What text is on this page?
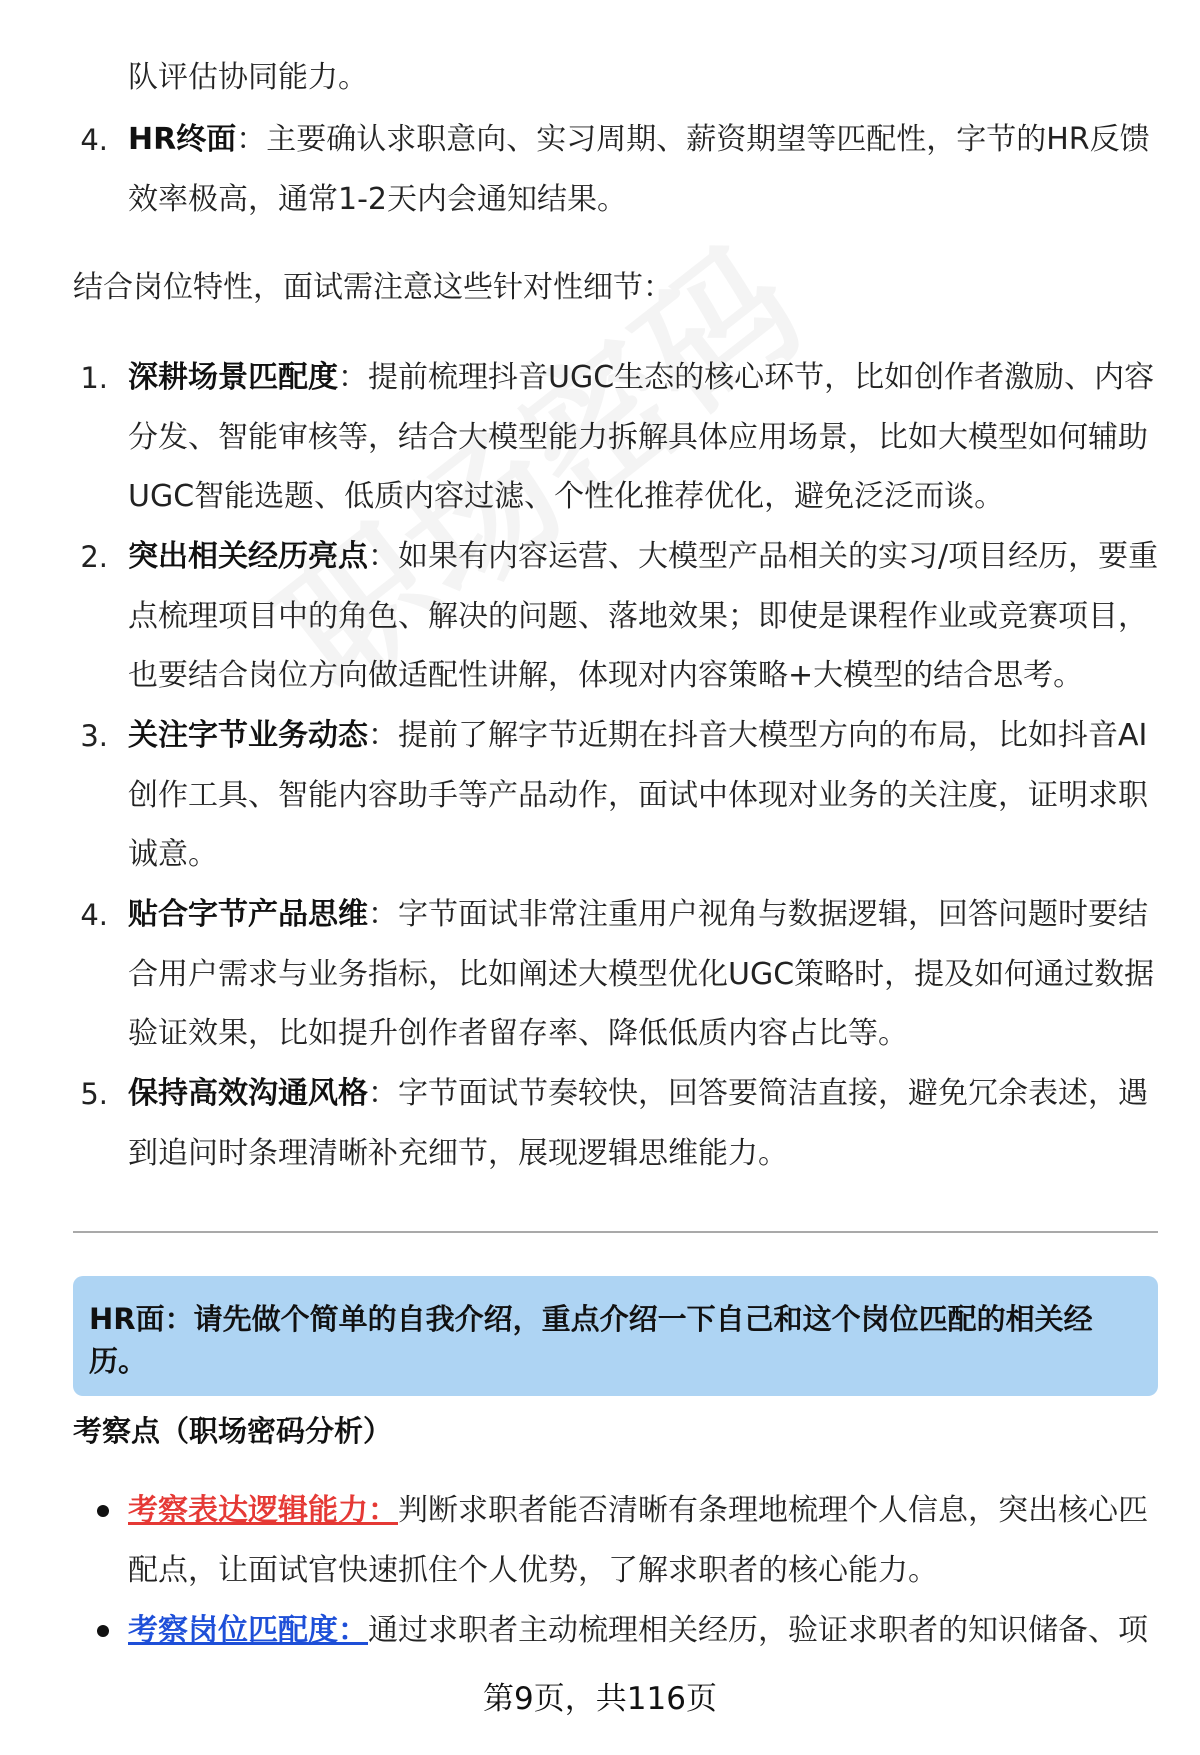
队评估协同能力。
4. HR终面：主要确认求职意向、实习周期、薪资期望等匹配性，字节的HR反馈
效率极高，通常1-2天内会通知结果。
结合岗位特性，面试需注意这些针对性细节：
1. 深耕场景匹配度：提前梳理抖音UGC生态的核心环节，比如创作者激励、内容
分发、智能审核等，结合大模型能力拆解具体应用场景，比如大模型如何辅助
UGC智能选题、低质内容过滤、个性化推荐优化，避免泛泛而谈。
2. 突出相关经历亮点：如果有内容运营、大模型产品相关的实习/项目经历，要重
点梳理项目中的角色、解决的问题、落地效果；即使是课程作业或竞赛项目，
也要结合岗位方向做适配性讲解，体现对内容策略+大模型的结合思考。
3. 关注字节业务动态：提前了解字节近期在抖音大模型方向的布局，比如抖音AI
创作工具、智能内容助手等产品动作，面试中体现对业务的关注度，证明求职
诚意。
4. 贴合字节产品思维：字节面试非常注重用户视角与数据逻辑，回答问题时要结
合用户需求与业务指标，比如阐述大模型优化UGC策略时，提及如何通过数据
验证效果，比如提升创作者留存率、降低低质内容占比等。
5. 保持高效沟通风格：字节面试节奏较快，回答要简洁直接，避免冗余表述，遇
到追问时条理清晰补充细节，展现逻辑思维能力。
HR面：请先做个简单的自我介绍，重点介绍一下自己和这个岗位匹配的相关经
历。
考察点（职场密码分析）
考察表达逻辑能力：判断求职者能否清晰有条理地梳理个人信息，突出核心匹
配点，让面试官快速抓住个人优势，了解求职者的核心能力。
考察岗位匹配度：通过求职者主动梳理相关经历，验证求职者的知识储备、项
第9页，共116页
